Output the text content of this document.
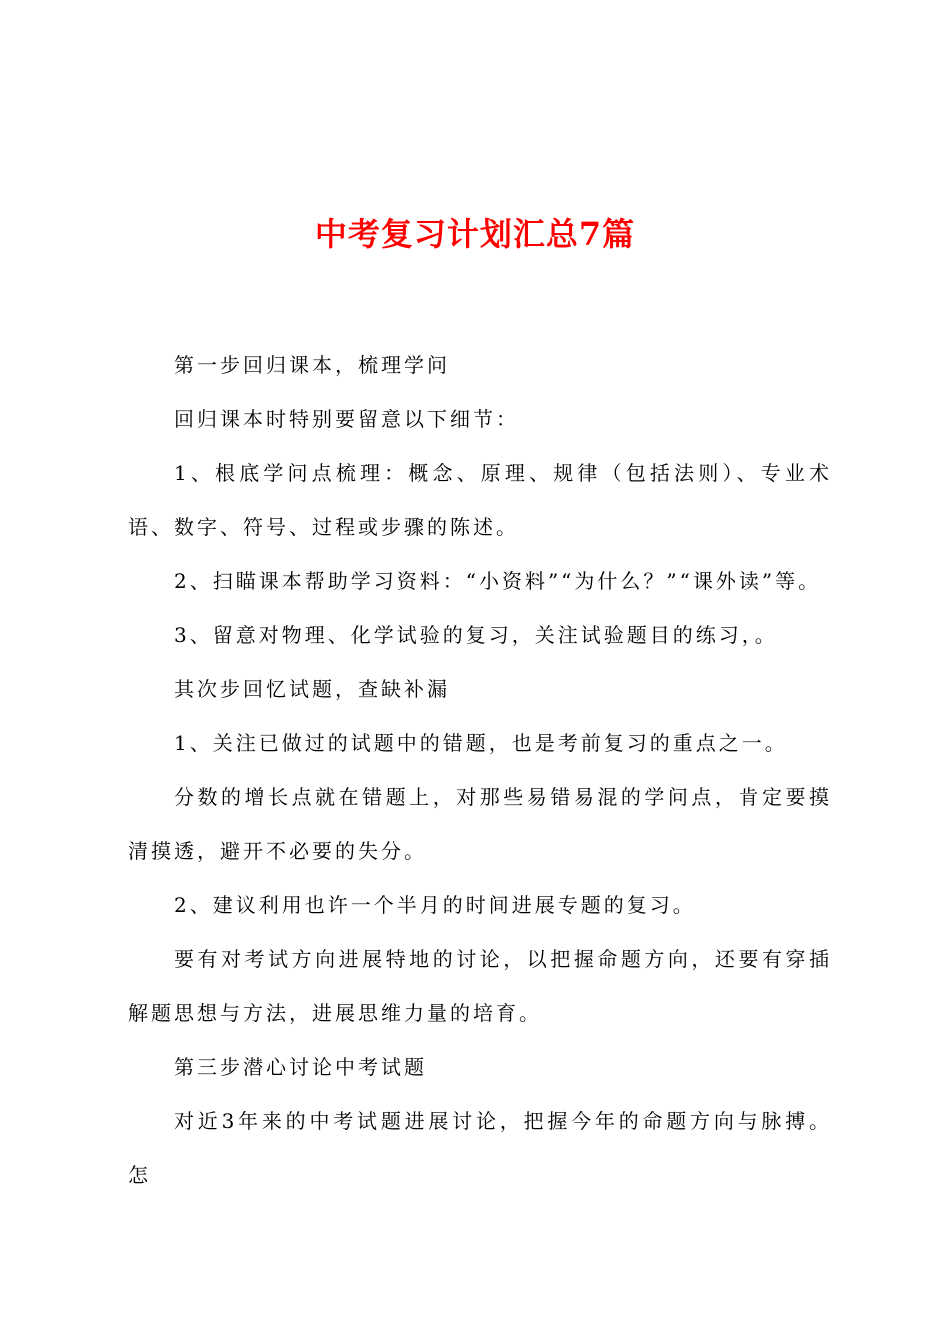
中考复习计划汇总7篇

第一步回归课本，梳理学问

回归课本时特别要留意以下细节：

1、根底学问点梳理：概念、原理、规律（包括法则）、专业术语、数字、符号、过程或步骤的陈述。

2、扫瞄课本帮助学习资料：“小资料”“为什么？”“课外读”等。

3、留意对物理、化学试验的复习，关注试验题目的练习，。

其次步回忆试题，查缺补漏

1、关注已做过的试题中的错题，也是考前复习的重点之一。

分数的增长点就在错题上，对那些易错易混的学问点，肯定要摸清摸透，避开不必要的失分。

2、建议利用也许一个半月的时间进展专题的复习。

要有对考试方向进展特地的讨论，以把握命题方向，还要有穿插解题思想与方法，进展思维力量的培育。

第三步潜心讨论中考试题

对近3年来的中考试题进展讨论，把握今年的命题方向与脉搏。怎
